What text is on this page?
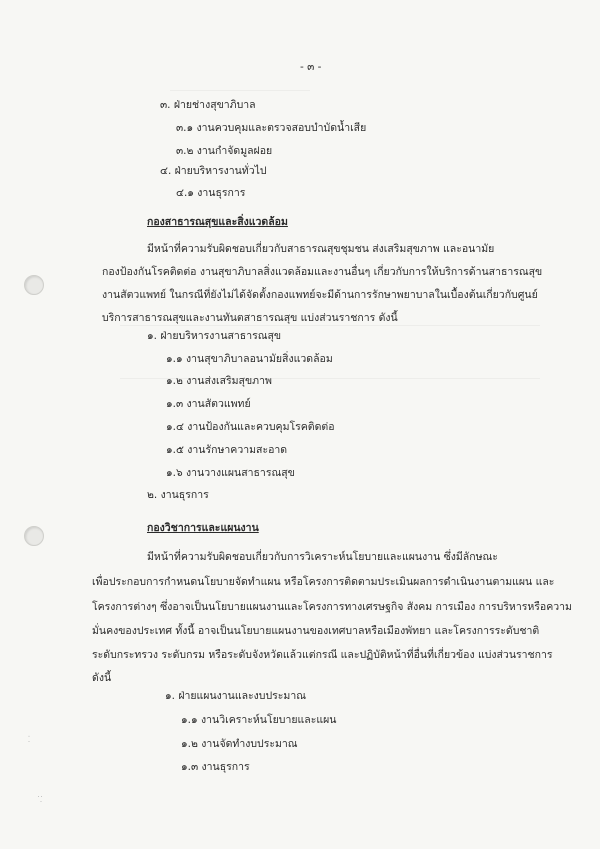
· ·
: ·
- ๓ -
๓. ฝ่ายช่างสุขาภิบาล
๓.๑ งานควบคุมและตรวจสอบบำบัดน้ำเสีย
๓.๒ งานกำจัดมูลฝอย
๔. ฝ่ายบริหารงานทั่วไป
๔.๑ งานธุรการ
กองสาธารณสุขและสิ่งแวดล้อม
มีหน้าที่ความรับผิดชอบเกี่ยวกับสาธารณสุขชุมชน ส่งเสริมสุขภาพ และอนามัย
กองป้องกันโรคติดต่อ งานสุขาภิบาลสิ่งแวดล้อมและงานอื่นๆ เกี่ยวกับการให้บริการด้านสาธารณสุข
งานสัตวแพทย์ ในกรณีที่ยังไม่ได้จัดตั้งกองแพทย์จะมีด้านการรักษาพยาบาลในเบื้องต้นเกี่ยวกับศูนย์
บริการสาธารณสุขและงานทันตสาธารณสุข แบ่งส่วนราชการ ดังนี้
๑. ฝ่ายบริหารงานสาธารณสุข
๑.๑ งานสุขาภิบาลอนามัยสิ่งแวดล้อม
๑.๒ งานส่งเสริมสุขภาพ
๑.๓ งานสัตวแพทย์
๑.๔ งานป้องกันและควบคุมโรคติดต่อ
๑.๕ งานรักษาความสะอาด
๑.๖ งานวางแผนสาธารณสุข
๒. งานธุรการ
กองวิชาการและแผนงาน
มีหน้าที่ความรับผิดชอบเกี่ยวกับการวิเคราะห์นโยบายและแผนงาน ซึ่งมีลักษณะ
เพื่อประกอบการกำหนดนโยบายจัดทำแผน หรือโครงการติดตามประเมินผลการดำเนินงานตามแผน และ
โครงการต่างๆ ซึ่งอาจเป็นนโยบายแผนงานและโครงการทางเศรษฐกิจ สังคม การเมือง การบริหารหรือความ
มั่นคงของประเทศ ทั้งนี้ อาจเป็นนโยบายแผนงานของเทศบาลหรือเมืองพัทยา และโครงการระดับชาติ
ระดับกระทรวง ระดับกรม หรือระดับจังหวัดแล้วแต่กรณี และปฏิบัติหน้าที่อื่นที่เกี่ยวข้อง แบ่งส่วนราชการ
ดังนี้
๑. ฝ่ายแผนงานและงบประมาณ
๑.๑ งานวิเคราะห์นโยบายและแผน
๑.๒ งานจัดทำงบประมาณ
๑.๓ งานธุรการ
